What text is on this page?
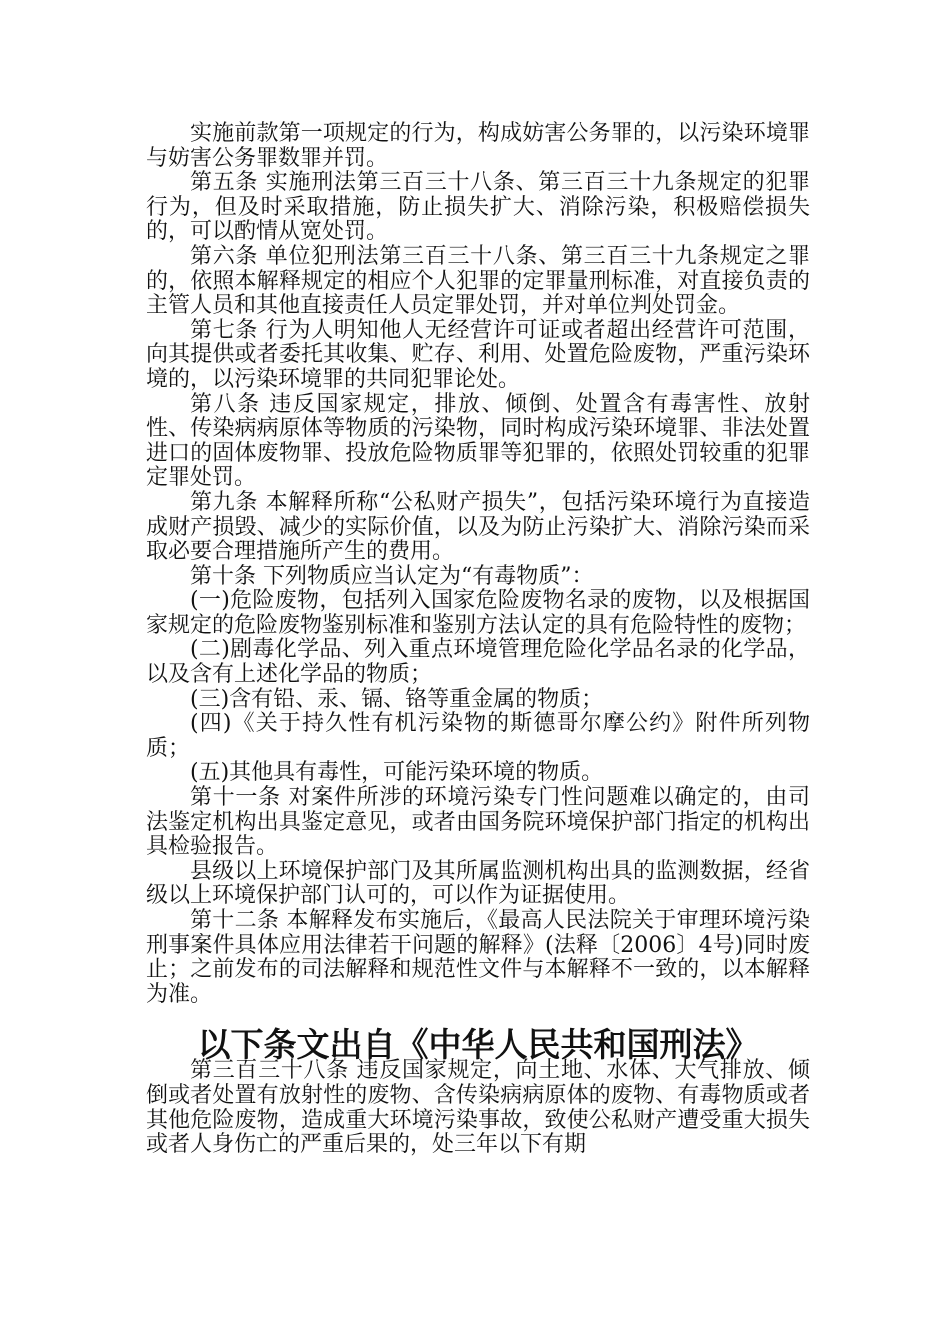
实施前款第一项规定的行为，构成妨害公务罪的，以污染环境罪与妨害公务罪数罪并罚。

第五条 实施刑法第三百三十八条、第三百三十九条规定的犯罪行为，但及时采取措施，防止损失扩大、消除污染，积极赔偿损失的，可以酌情从宽处罚。

第六条 单位犯刑法第三百三十八条、第三百三十九条规定之罪的，依照本解释规定的相应个人犯罪的定罪量刑标准，对直接负责的主管人员和其他直接责任人员定罪处罚，并对单位判处罚金。

第七条 行为人明知他人无经营许可证或者超出经营许可范围，向其提供或者委托其收集、贮存、利用、处置危险废物，严重污染环境的，以污染环境罪的共同犯罪论处。

第八条 违反国家规定，排放、倾倒、处置含有毒害性、放射性、传染病病原体等物质的污染物，同时构成污染环境罪、非法处置进口的固体废物罪、投放危险物质罪等犯罪的，依照处罚较重的犯罪定罪处罚。

第九条 本解释所称“公私财产损失”，包括污染环境行为直接造成财产损毁、减少的实际价值，以及为防止污染扩大、消除污染而采取必要合理措施所产生的费用。

第十条 下列物质应当认定为“有毒物质”：

(一)危险废物，包括列入国家危险废物名录的废物，以及根据国家规定的危险废物鉴别标准和鉴别方法认定的具有危险特性的废物；

(二)剧毒化学品、列入重点环境管理危险化学品名录的化学品，以及含有上述化学品的物质；

(三)含有铅、汞、镉、铬等重金属的物质；

(四)《关于持久性有机污染物的斯德哥尔摩公约》附件所列物质；

(五)其他具有毒性，可能污染环境的物质。

第十一条 对案件所涉的环境污染专门性问题难以确定的，由司法鉴定机构出具鉴定意见，或者由国务院环境保护部门指定的机构出具检验报告。

县级以上环境保护部门及其所属监测机构出具的监测数据，经省级以上环境保护部门认可的，可以作为证据使用。

第十二条 本解释发布实施后，《最高人民法院关于审理环境污染刑事案件具体应用法律若干问题的解释》(法释〔2006〕4号)同时废止；之前发布的司法解释和规范性文件与本解释不一致的，以本解释为准。

以下条文出自《中华人民共和国刑法》

第三百三十八条 违反国家规定，向土地、水体、大气排放、倾倒或者处置有放射性的废物、含传染病病原体的废物、有毒物质或者其他危险废物，造成重大环境污染事故，致使公私财产遭受重大损失或者人身伤亡的严重后果的，处三年以下有期
